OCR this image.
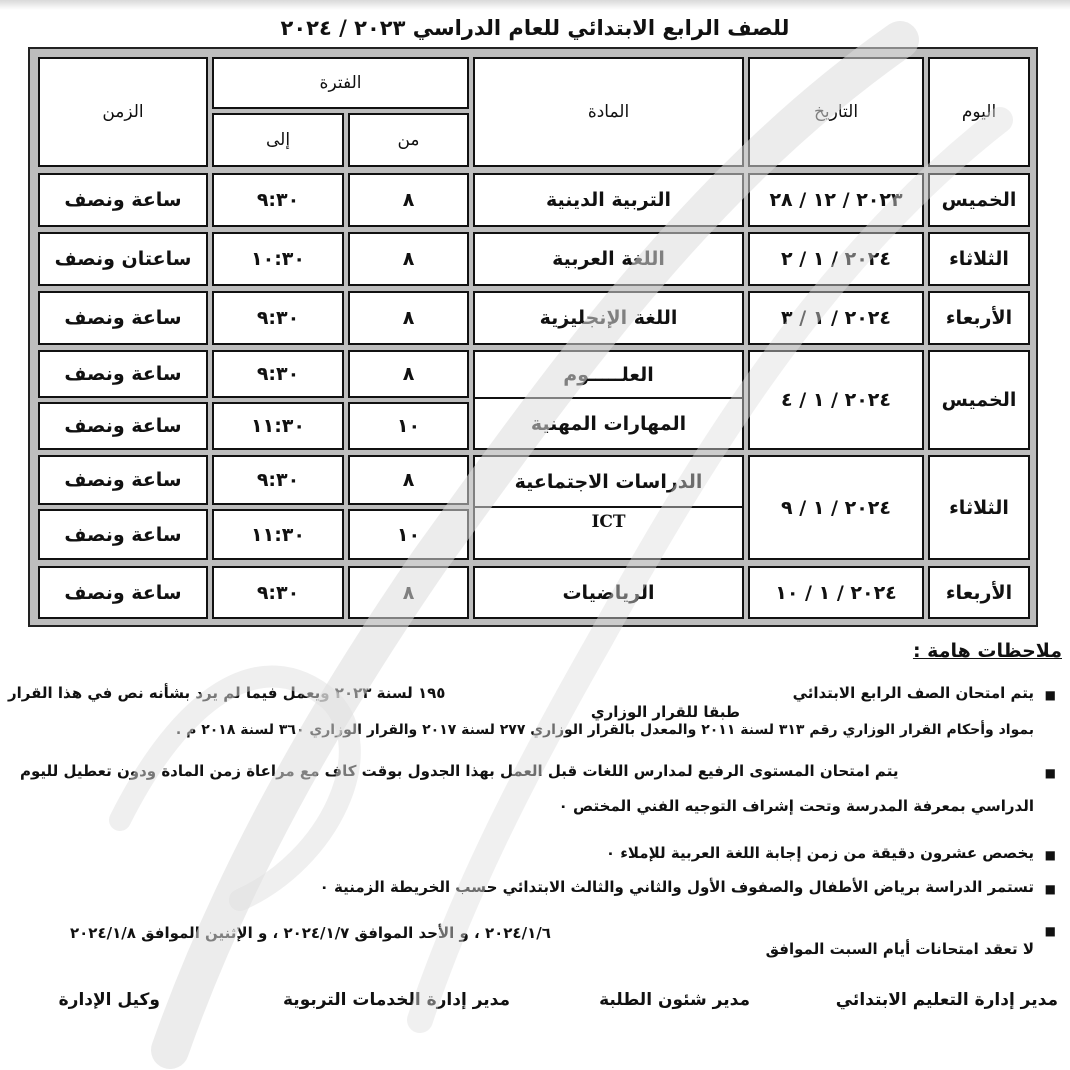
للصف الرابع الابتدائي للعام الدراسي ٢٠٢٣ / ٢٠٢٤
اليوم
التاريخ
المادة
الفترة
من
إلى
الزمن
الخميس
٢٠٢٣ / ١٢ / ٢٨
التربية الدينية
٨
٩:٣٠
ساعة ونصف
الثلاثاء
٢٠٢٤ / ١ / ٢
اللغة العربية
٨
١٠:٣٠
ساعتان ونصف
الأربعاء
٢٠٢٤ / ١ / ٣
اللغة الإنجليزية
٨
٩:٣٠
ساعة ونصف
الخميس
٢٠٢٤ / ١ / ٤
العلـــــوم
المهارات المهنية
٨
١٠
٩:٣٠
١١:٣٠
ساعة ونصف
ساعة ونصف
الثلاثاء
٢٠٢٤ / ١ / ٩
الدراسات الاجتماعية
ICT
٨
١٠
٩:٣٠
١١:٣٠
ساعة ونصف
ساعة ونصف
الأربعاء
٢٠٢٤ / ١ / ١٠
الرياضيات
٨
٩:٣٠
ساعة ونصف
ملاحظات هامة :
■
يتم امتحان الصف الرابع الابتدائي
طبقا للقرار الوزاري
١٩٥ لسنة ٢٠٢٣ ويعمل فيما لم يرد بشأنه نص في هذا القرار
بمواد وأحكام القرار الوزاري رقم ٣١٣ لسنة ٢٠١١ والمعدل بالقرار الوزاري ٢٧٧ لسنة ٢٠١٧ والقرار الوزاري ٣٦٠ لسنة ٢٠١٨ م .
■
يتم امتحان المستوى الرفيع لمدارس اللغات قبل العمل بهذا الجدول بوقت كاف مع مراعاة زمن المادة ودون تعطيل لليوم
الدراسي بمعرفة المدرسة وتحت إشراف التوجيه الفني المختص ٠
■
يخصص عشرون دقيقة من زمن إجابة اللغة العربية للإملاء ٠
■
تستمر الدراسة برياض الأطفال والصفوف الأول والثاني والثالث الابتدائي حسب الخريطة الزمنية ٠
■
لا تعقد امتحانات أيام السبت الموافق
٢٠٢٤/١/٦ ، و الأحد الموافق ٢٠٢٤/١/٧ ، و الإثنين الموافق ٢٠٢٤/١/٨
مدير إدارة التعليم الابتدائي
مدير شئون الطلبة
مدير إدارة الخدمات التربوية
وكيل الإدارة
